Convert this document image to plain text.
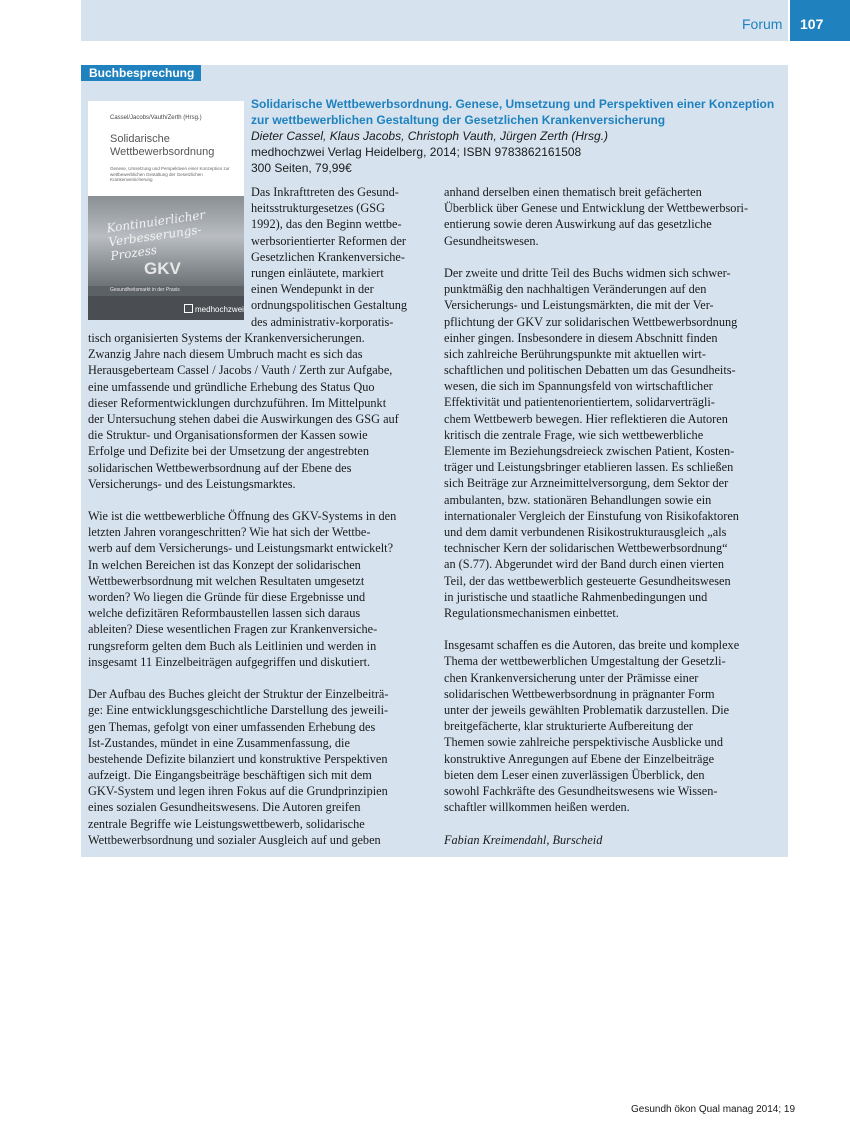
Forum 107
Buchbesprechung
Cassel/Jacobs/Vauth/Zerth (Hrsg.)
Solidarische
Wettbewerbsordnung
Genese, Umsetzung und Perspektiven einer Konzeption zur wettbewerblichen Gestaltung der Gesetzlichen Krankenversicherung
Kontinuierlicher Verbesserungs-Prozess
GKV
Gesundheitsmarkt in der Praxis
medhochzwei
Solidarische Wettbewerbsordnung. Genese, Umsetzung und Perspektiven einer Konzeption
zur wettbewerblichen Gestaltung der Gesetzlichen Krankenversicherung
Dieter Cassel, Klaus Jacobs, Christoph Vauth, Jürgen Zerth (Hrsg.)
medhochzwei Verlag Heidelberg, 2014; ISBN 9783862161508
300 Seiten, 79,99€
Das Inkrafttreten des Gesund-
heitsstrukturgesetzes (GSG
1992), das den Beginn wettbe-
werbsorientierter Reformen der
Gesetzlichen Krankenversiche-
rungen einläutete, markiert
einen Wendepunkt in der
ordnungspolitischen Gestaltung
des administrativ-korporatis-
tisch organisierten Systems der Krankenversicherungen.
Zwanzig Jahre nach diesem Umbruch macht es sich das
Herausgeberteam Cassel / Jacobs / Vauth / Zerth zur Aufgabe,
eine umfassende und gründliche Erhebung des Status Quo
dieser Reformentwicklungen durchzuführen. Im Mittelpunkt
der Untersuchung stehen dabei die Auswirkungen des GSG auf
die Struktur- und Organisationsformen der Kassen sowie
Erfolge und Defizite bei der Umsetzung der angestrebten
solidarischen Wettbewerbsordnung auf der Ebene des
Versicherungs- und des Leistungsmarktes.
Wie ist die wettbewerbliche Öffnung des GKV-Systems in den
letzten Jahren vorangeschritten? Wie hat sich der Wettbe-
werb auf dem Versicherungs- und Leistungsmarkt entwickelt?
In welchen Bereichen ist das Konzept der solidarischen
Wettbewerbsordnung mit welchen Resultaten umgesetzt
worden? Wo liegen die Gründe für diese Ergebnisse und
welche defizitären Reformbaustellen lassen sich daraus
ableiten? Diese wesentlichen Fragen zur Krankenversiche-
rungsreform gelten dem Buch als Leitlinien und werden in
insgesamt 11 Einzelbeiträgen aufgegriffen und diskutiert.
Der Aufbau des Buches gleicht der Struktur der Einzelbeiträ-
ge: Eine entwicklungsgeschichtliche Darstellung des jeweili-
gen Themas, gefolgt von einer umfassenden Erhebung des
Ist-Zustandes, mündet in eine Zusammenfassung, die
bestehende Defizite bilanziert und konstruktive Perspektiven
aufzeigt. Die Eingangsbeiträge beschäftigen sich mit dem
GKV-System und legen ihren Fokus auf die Grundprinzipien
eines sozialen Gesundheitswesens. Die Autoren greifen
zentrale Begriffe wie Leistungswettbewerb, solidarische
Wettbewerbsordnung und sozialer Ausgleich auf und geben
anhand derselben einen thematisch breit gefächerten
Überblick über Genese und Entwicklung der Wettbewerbsori-
entierung sowie deren Auswirkung auf das gesetzliche
Gesundheitswesen.
Der zweite und dritte Teil des Buchs widmen sich schwer-
punktmäßig den nachhaltigen Veränderungen auf den
Versicherungs- und Leistungsmärkten, die mit der Ver-
pflichtung der GKV zur solidarischen Wettbewerbsordnung
einher gingen. Insbesondere in diesem Abschnitt finden
sich zahlreiche Berührungspunkte mit aktuellen wirt-
schaftlichen und politischen Debatten um das Gesundheits-
wesen, die sich im Spannungsfeld von wirtschaftlicher
Effektivität und patientenorientiertem, solidarverträgli-
chem Wettbewerb bewegen. Hier reflektieren die Autoren
kritisch die zentrale Frage, wie sich wettbewerbliche
Elemente im Beziehungsdreieck zwischen Patient, Kosten-
träger und Leistungsbringer etablieren lassen. Es schließen
sich Beiträge zur Arzneimittelversorgung, dem Sektor der
ambulanten, bzw. stationären Behandlungen sowie ein
internationaler Vergleich der Einstufung von Risikofaktoren
und dem damit verbundenen Risikostrukturausgleich „als
technischer Kern der solidarischen Wettbewerbsordnung“
an (S.77). Abgerundet wird der Band durch einen vierten
Teil, der das wettbewerblich gesteuerte Gesundheitswesen
in juristische und staatliche Rahmenbedingungen und
Regulationsmechanismen einbettet.
Insgesamt schaffen es die Autoren, das breite und komplexe
Thema der wettbewerblichen Umgestaltung der Gesetzli-
chen Krankenversicherung unter der Prämisse einer
solidarischen Wettbewerbsordnung in prägnanter Form
unter der jeweils gewählten Problematik darzustellen. Die
breitgefächerte, klar strukturierte Aufbereitung der
Themen sowie zahlreiche perspektivische Ausblicke und
konstruktive Anregungen auf Ebene der Einzelbeiträge
bieten dem Leser einen zuverlässigen Überblick, den
sowohl Fachkräfte des Gesundheitswesens wie Wissen-
schaftler willkommen heißen werden.
Fabian Kreimendahl, Burscheid
Gesundh ökon Qual manag 2014; 19
